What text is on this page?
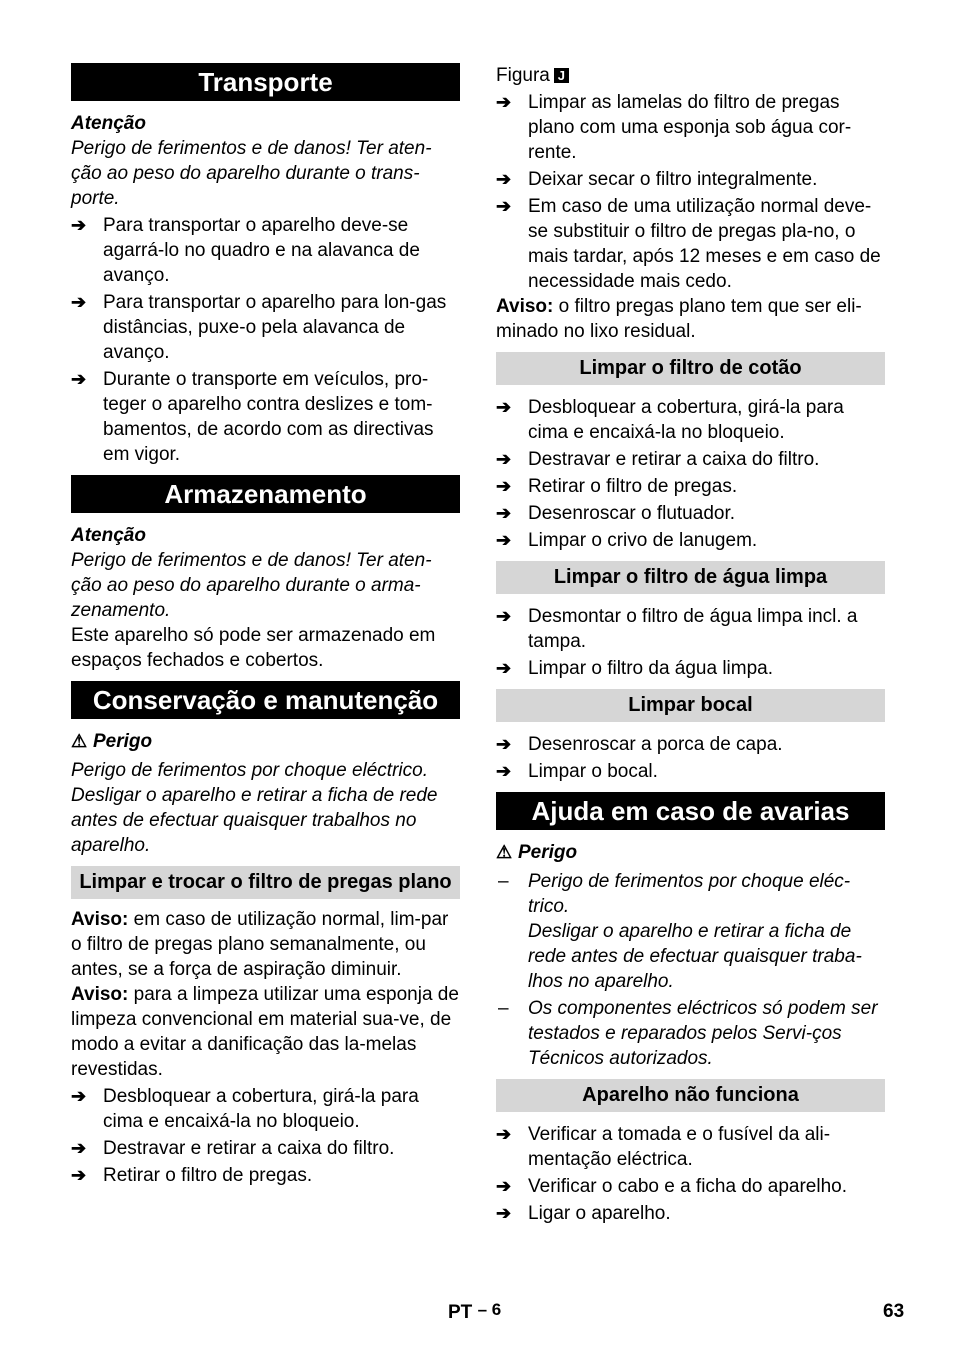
Transporte
Atenção

Perigo de ferimentos e de danos! Ter aten-ção ao peso do aparelho durante o trans-porte.

➔ Para transportar o aparelho deve-se agarrá-lo no quadro e na alavanca de avanço.
➔ Para transportar o aparelho para lon-gas distâncias, puxe-o pela alavanca de avanço.
➔ Durante o transporte em veículos, pro-teger o aparelho contra deslizes e tom-bamentos, de acordo com as directivas em vigor.
Armazenamento
Atenção

Perigo de ferimentos e de danos! Ter aten-ção ao peso do aparelho durante o arma-zenamento.

Este aparelho só pode ser armazenado em espaços fechados e cobertos.

Conservação e manutenção
⚠ Perigo

Perigo de ferimentos por choque eléctrico. Desligar o aparelho e retirar a ficha de rede antes de efectuar quaisquer trabalhos no aparelho.

Limpar e trocar o filtro de pregas plano

Aviso: em caso de utilização normal, lim-par o filtro de pregas plano semanalmente, ou antes, se a força de aspiração diminuir.

Aviso: para a limpeza utilizar uma esponja de limpeza convencional em material sua-ve, de modo a evitar a danificação das la-melas revestidas.

➔ Desbloquear a cobertura, girá-la para cima e encaixá-la no bloqueio.
➔ Destravar e retirar a caixa do filtro.
➔ Retirar o filtro de pregas.
Figura J
➔ Limpar as lamelas do filtro de pregas plano com uma esponja sob água cor-rente.
➔ Deixar secar o filtro integralmente.
➔ Em caso de uma utilização normal deve-se substituir o filtro de pregas pla-no, o mais tardar, após 12 meses e em caso de necessidade mais cedo.

Aviso: o filtro pregas plano tem que ser eli-minado no lixo residual.

Limpar o filtro de cotão
➔ Desbloquear a cobertura, girá-la para cima e encaixá-la no bloqueio.
➔ Destravar e retirar a caixa do filtro.
➔ Retirar o filtro de pregas.
➔ Desenroscar o flutuador.
➔ Limpar o crivo de lanugem.
Limpar o filtro de água limpa
➔ Desmontar o filtro de água limpa incl. a tampa.
➔ Limpar o filtro da água limpa.
Limpar bocal
➔ Desenroscar a porca de capa.
➔ Limpar o bocal.
Ajuda em caso de avarias
⚠ Perigo
–	Perigo de ferimentos por choque eléc-trico.
Desligar o aparelho e retirar a ficha de rede antes de efectuar quaisquer traba-lhos no aparelho.
–	Os componentes eléctricos só podem ser testados e reparados pelos Servi-ços Técnicos autorizados.
Aparelho não funciona
➔ Verificar a tomada e o fusível da ali-mentação eléctrica.
➔ Verificar o cabo e a ficha do aparelho.
➔ Ligar o aparelho.
PT – 6	63
